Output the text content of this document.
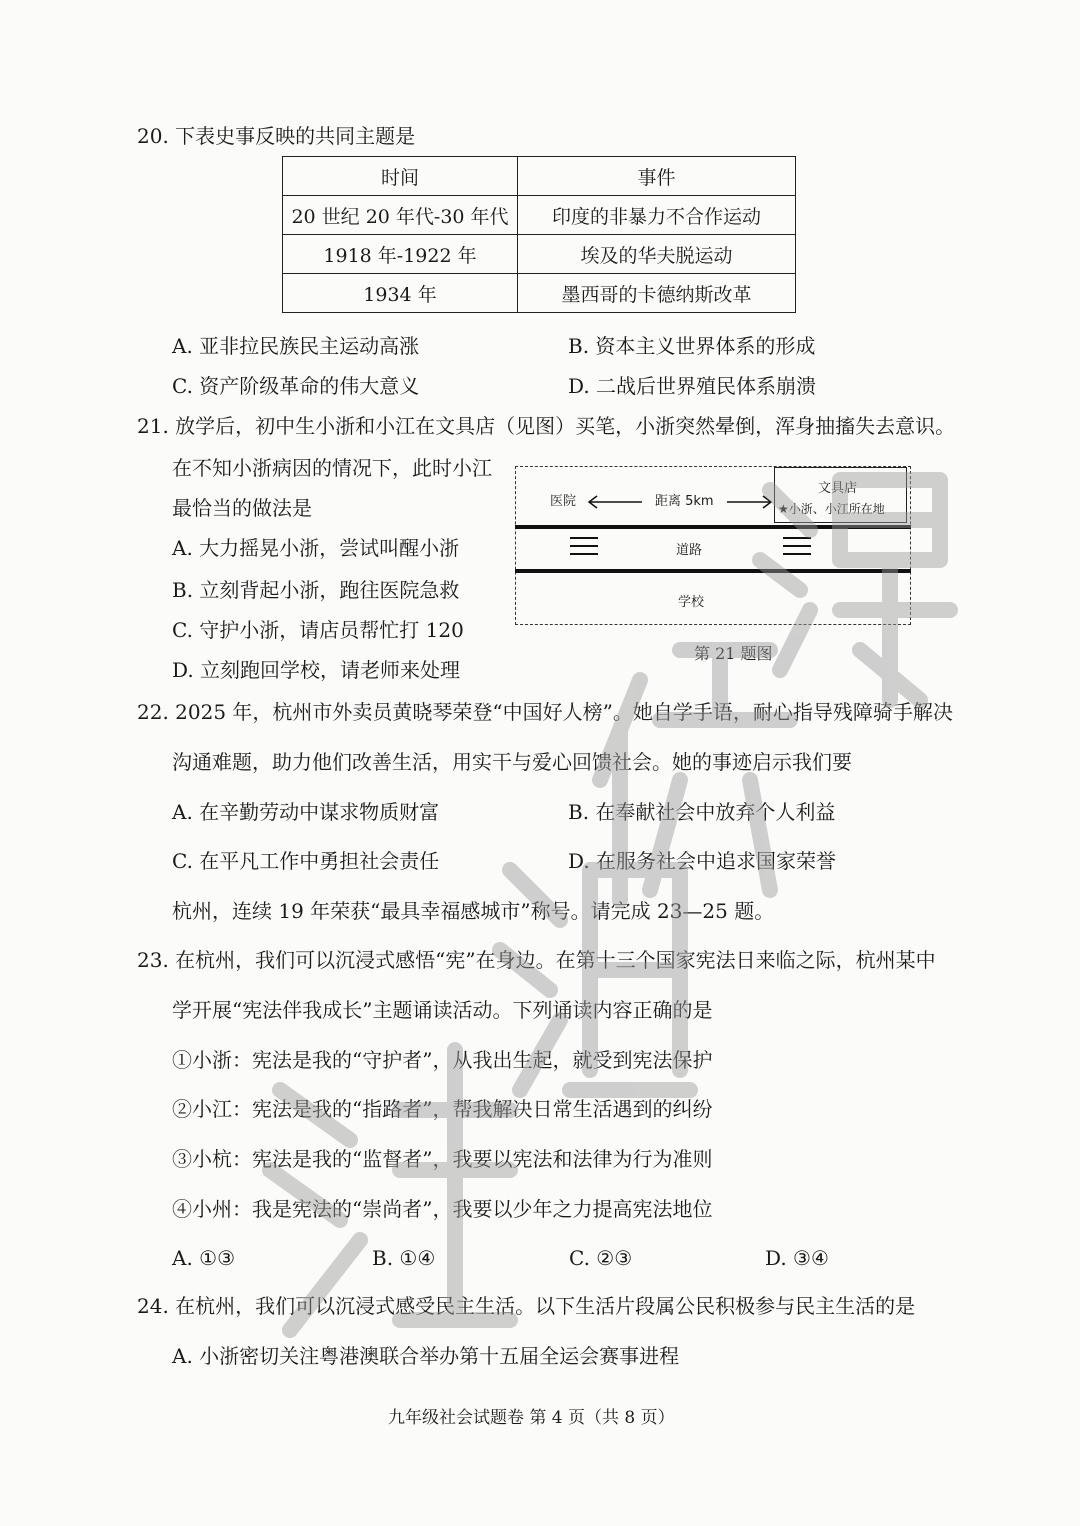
20. 下表史事反映的共同主题是
时间	事件
20 世纪 20 年代-30 年代	印度的非暴力不合作运动
1918 年-1922 年	埃及的华夫脱运动
1934 年	墨西哥的卡德纳斯改革
A. 亚非拉民族民主运动高涨	B. 资本主义世界体系的形成
C. 资产阶级革命的伟大意义	D. 二战后世界殖民体系崩溃
21. 放学后，初中生小浙和小江在文具店（见图）买笔，小浙突然晕倒，浑身抽搐失去意识。
在不知小浙病因的情况下，此时小江
最恰当的做法是
A. 大力摇晃小浙，尝试叫醒小浙
B. 立刻背起小浙，跑往医院急救
C. 守护小浙，请店员帮忙打 120
D. 立刻跑回学校，请老师来处理
文具店
★小浙、小江所在地
医院	距离 5km
道路
学校
第 21 题图
22. 2025 年，杭州市外卖员黄晓琴荣登“中国好人榜”。她自学手语，耐心指导残障骑手解决
沟通难题，助力他们改善生活，用实干与爱心回馈社会。她的事迹启示我们要
A. 在辛勤劳动中谋求物质财富	B. 在奉献社会中放弃个人利益
C. 在平凡工作中勇担社会责任	D. 在服务社会中追求国家荣誉
杭州，连续 19 年荣获“最具幸福感城市”称号。请完成 23—25 题。
23. 在杭州，我们可以沉浸式感悟“宪”在身边。在第十三个国家宪法日来临之际，杭州某中
学开展“宪法伴我成长”主题诵读活动。下列诵读内容正确的是
①小浙：宪法是我的“守护者”，从我出生起，就受到宪法保护
②小江：宪法是我的“指路者”，帮我解决日常生活遇到的纠纷
③小杭：宪法是我的“监督者”，我要以宪法和法律为行为准则
④小州：我是宪法的“崇尚者”，我要以少年之力提高宪法地位
A. ①③	B. ①④	C. ②③	D. ③④
24. 在杭州，我们可以沉浸式感受民主生活。以下生活片段属公民积极参与民主生活的是
A. 小浙密切关注粤港澳联合举办第十五届全运会赛事进程
九年级社会试题卷 第 4 页（共 8 页）
